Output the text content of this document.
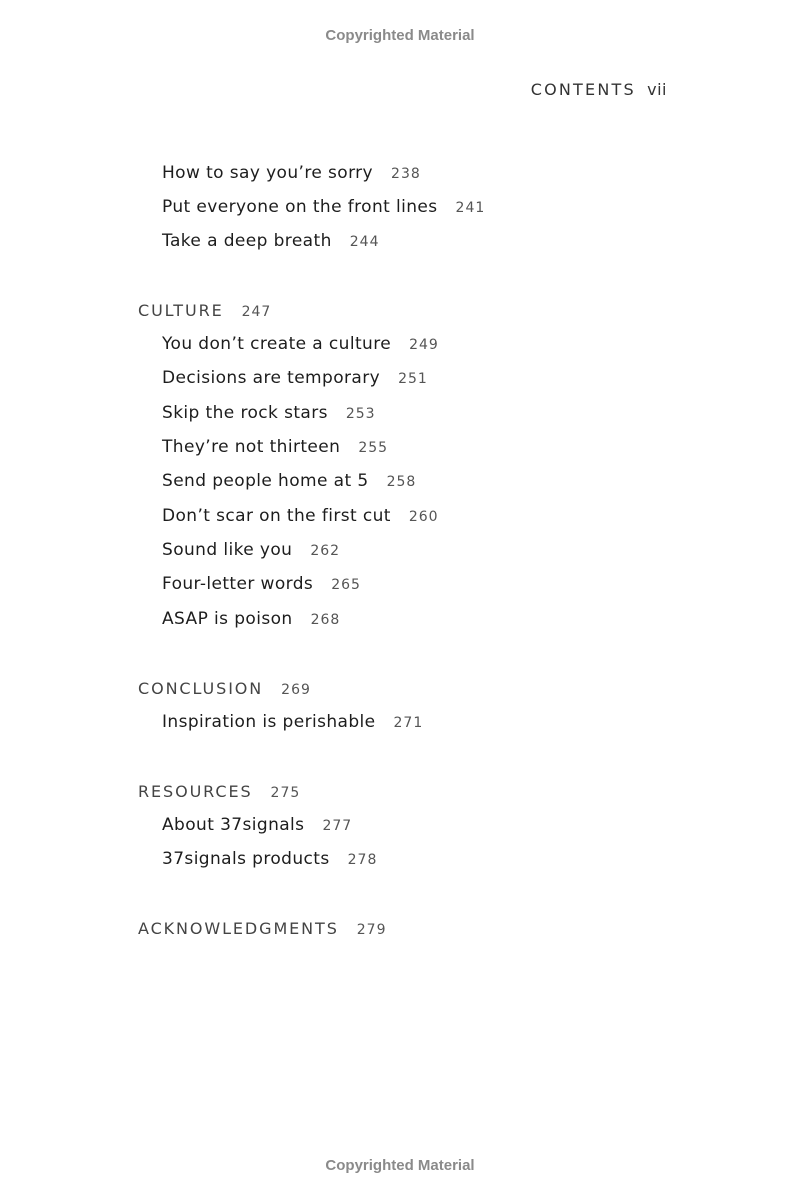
Copyrighted Material
CONTENTS vii
How to say you’re sorry 238
Put everyone on the front lines 241
Take a deep breath 244
CULTURE 247
You don’t create a culture 249
Decisions are temporary 251
Skip the rock stars 253
They’re not thirteen 255
Send people home at 5 258
Don’t scar on the first cut 260
Sound like you 262
Four-letter words 265
ASAP is poison 268
CONCLUSION 269
Inspiration is perishable 271
RESOURCES 275
About 37signals 277
37signals products 278
ACKNOWLEDGMENTS 279
Copyrighted Material
